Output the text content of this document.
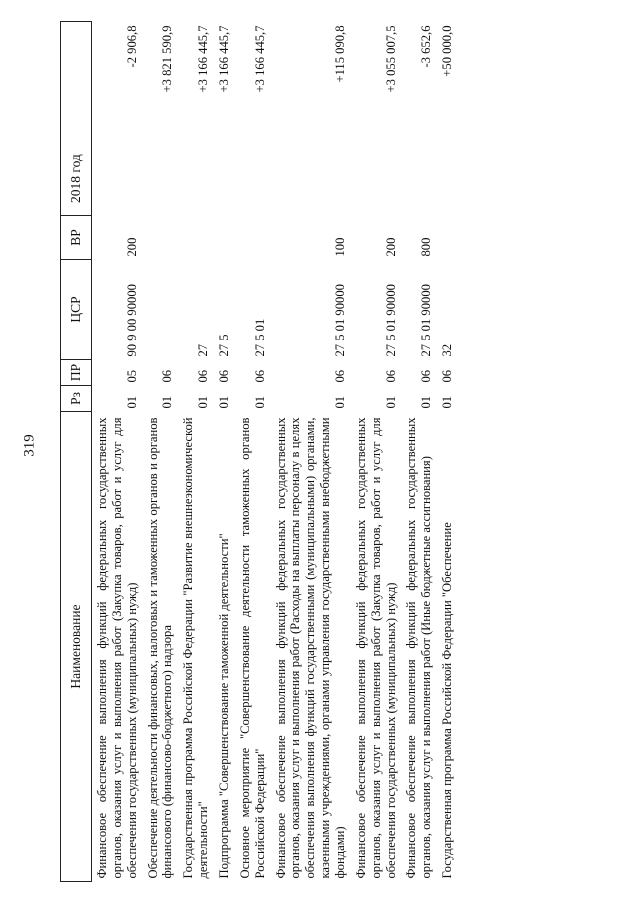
319
Наименование	Рз	ПР	ЦСР	ВР	2018 год
Финансовое обеспечение выполнения функций федеральных государственных органов, оказания услуг и выполнения работ (Закупка товаров, работ и услуг для обеспечения государственных (муниципальных) нужд)	01	05	90 9 00 90000	200	-2 906,8
Обеспечение деятельности финансовых, налоговых и таможенных органов и органов финансового (финансово-бюджетного) надзора	01	06			+3 821 590,9
Государственная программа Российской Федерации "Развитие внешнеэкономической деятельности"	01	06	27		+3 166 445,7
Подпрограмма "Совершенствование таможенной деятельности"	01	06	27 5		+3 166 445,7
Основное мероприятие "Совершенствование деятельности таможенных органов Российской Федерации"	01	06	27 5 01		+3 166 445,7
Финансовое обеспечение выполнения функций федеральных государственных органов, оказания услуг и выполнения работ (Расходы на выплаты персоналу в целях обеспечения выполнения функций государственными (муниципальными) органами, казенными учреждениями, органами управления государственными внебюджетными фондами)	01	06	27 5 01 90000	100	+115 090,8
Финансовое обеспечение выполнения функций федеральных государственных органов, оказания услуг и выполнения работ (Закупка товаров, работ и услуг для обеспечения государственных (муниципальных) нужд)	01	06	27 5 01 90000	200	+3 055 007,5
Финансовое обеспечение выполнения функций федеральных государственных органов, оказания услуг и выполнения работ (Иные бюджетные ассигнования)	01	06	27 5 01 90000	800	-3 652,6
Государственная программа Российской Федерации "Обеспечение	01	06	32		+50 000,0
